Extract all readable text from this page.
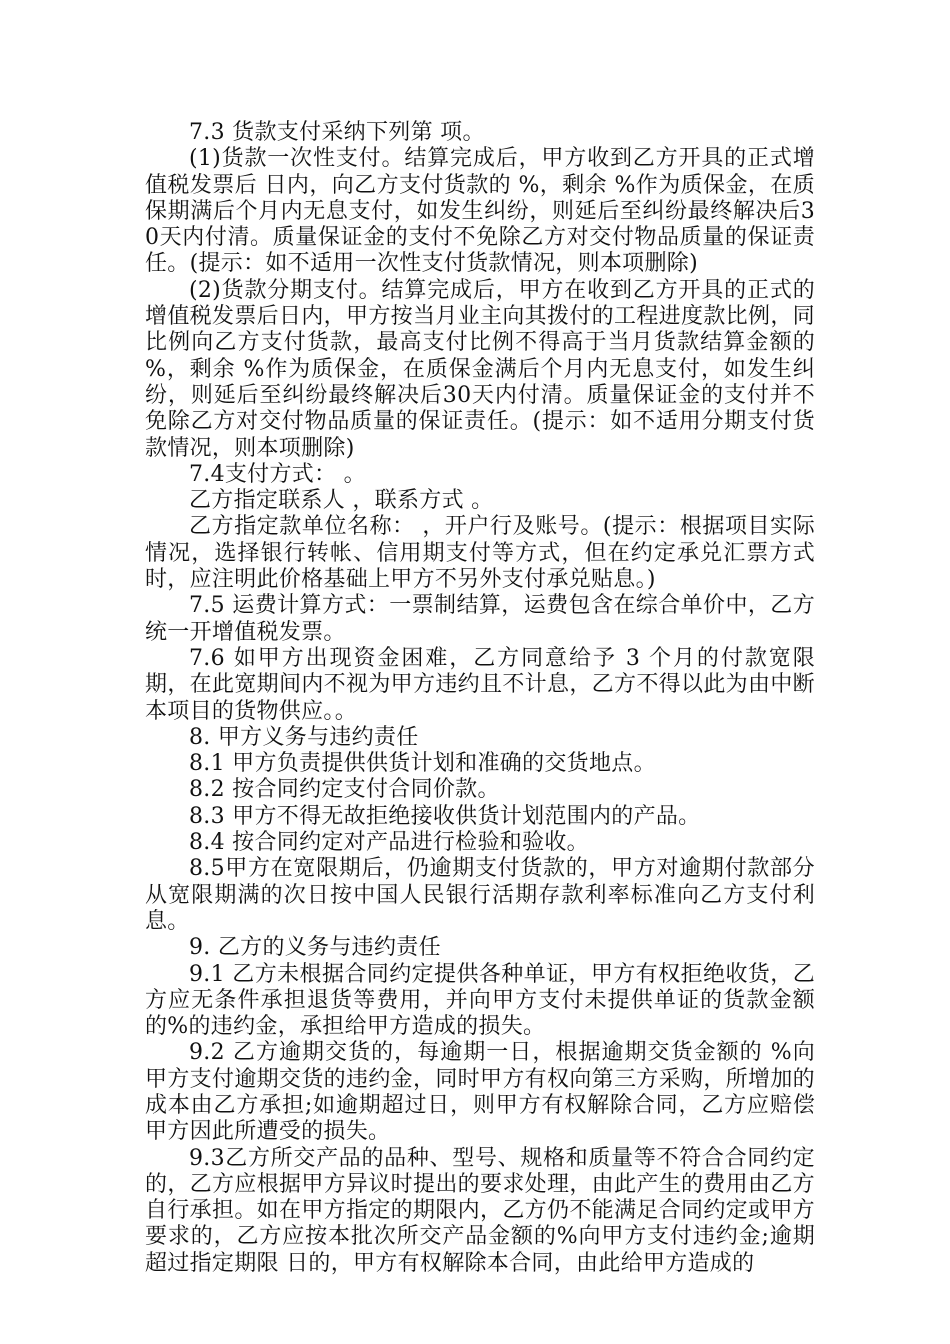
7.3 货款支付采纳下列第 项。

(1)货款一次性支付。结算完成后，甲方收到乙方开具的正式增值税发票后 日内，向乙方支付货款的 %，剩余 %作为质保金，在质保期满后个月内无息支付，如发生纠纷，则延后至纠纷最终解决后30天内付清。质量保证金的支付不免除乙方对交付物品质量的保证责任。(提示：如不适用一次性支付货款情况，则本项删除)

(2)货款分期支付。结算完成后，甲方在收到乙方开具的正式的增值税发票后日内，甲方按当月业主向其拨付的工程进度款比例，同比例向乙方支付货款，最高支付比例不得高于当月货款结算金额的 %，剩余 %作为质保金，在质保金满后个月内无息支付，如发生纠纷，则延后至纠纷最终解决后30天内付清。质量保证金的支付并不免除乙方对交付物品质量的保证责任。(提示：如不适用分期支付货款情况，则本项删除)

7.4支付方式： 。

乙方指定联系人 ，联系方式 。

乙方指定款单位名称： ，开户行及账号。(提示：根据项目实际情况，选择银行转帐、信用期支付等方式，但在约定承兑汇票方式时，应注明此价格基础上甲方不另外支付承兑贴息。)

7.5 运费计算方式：一票制结算，运费包含在综合单价中，乙方统一开增值税发票。

7.6 如甲方出现资金困难，乙方同意给予 3 个月的付款宽限期，在此宽期间内不视为甲方违约且不计息，乙方不得以此为由中断本项目的货物供应。。

8. 甲方义务与违约责任

8.1 甲方负责提供供货计划和准确的交货地点。

8.2 按合同约定支付合同价款。

8.3 甲方不得无故拒绝接收供货计划范围内的产品。

8.4 按合同约定对产品进行检验和验收。

8.5甲方在宽限期后，仍逾期支付货款的，甲方对逾期付款部分从宽限期满的次日按中国人民银行活期存款利率标准向乙方支付利息。

9. 乙方的义务与违约责任

9.1 乙方未根据合同约定提供各种单证，甲方有权拒绝收货，乙方应无条件承担退货等费用，并向甲方支付未提供单证的货款金额的%的违约金，承担给甲方造成的损失。

9.2 乙方逾期交货的，每逾期一日，根据逾期交货金额的 %向甲方支付逾期交货的违约金，同时甲方有权向第三方采购，所增加的成本由乙方承担;如逾期超过日，则甲方有权解除合同，乙方应赔偿甲方因此所遭受的损失。

9.3乙方所交产品的品种、型号、规格和质量等不符合合同约定的，乙方应根据甲方异议时提出的要求处理，由此产生的费用由乙方自行承担。如在甲方指定的期限内，乙方仍不能满足合同约定或甲方要求的，乙方应按本批次所交产品金额的%向甲方支付违约金;逾期超过指定期限 日的，甲方有权解除本合同，由此给甲方造成的
